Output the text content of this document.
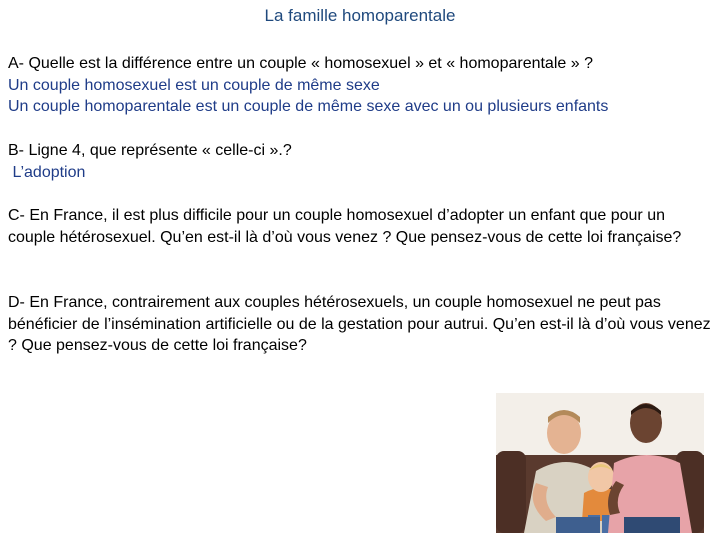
La famille homoparentale

A- Quelle est la différence entre un couple « homosexuel » et « homoparentale » ?

Un couple homosexuel est un couple de même sexe

Un couple homoparentale est un couple de même sexe avec un ou plusieurs enfants

B- Ligne 4, que représente « celle-ci ».?

L’adoption

C- En France, il est plus difficile pour un couple homosexuel d’adopter un enfant que pour un couple hétérosexuel. Qu’en est-il là d’où vous venez ? Que pensez-vous de cette loi française?

D- En France, contrairement aux couples hétérosexuels, un couple homosexuel ne peut pas bénéficier de l’insémination artificielle ou de la gestation pour autrui. Qu’en est-il là d’où vous venez ? Que pensez-vous de cette loi française?
